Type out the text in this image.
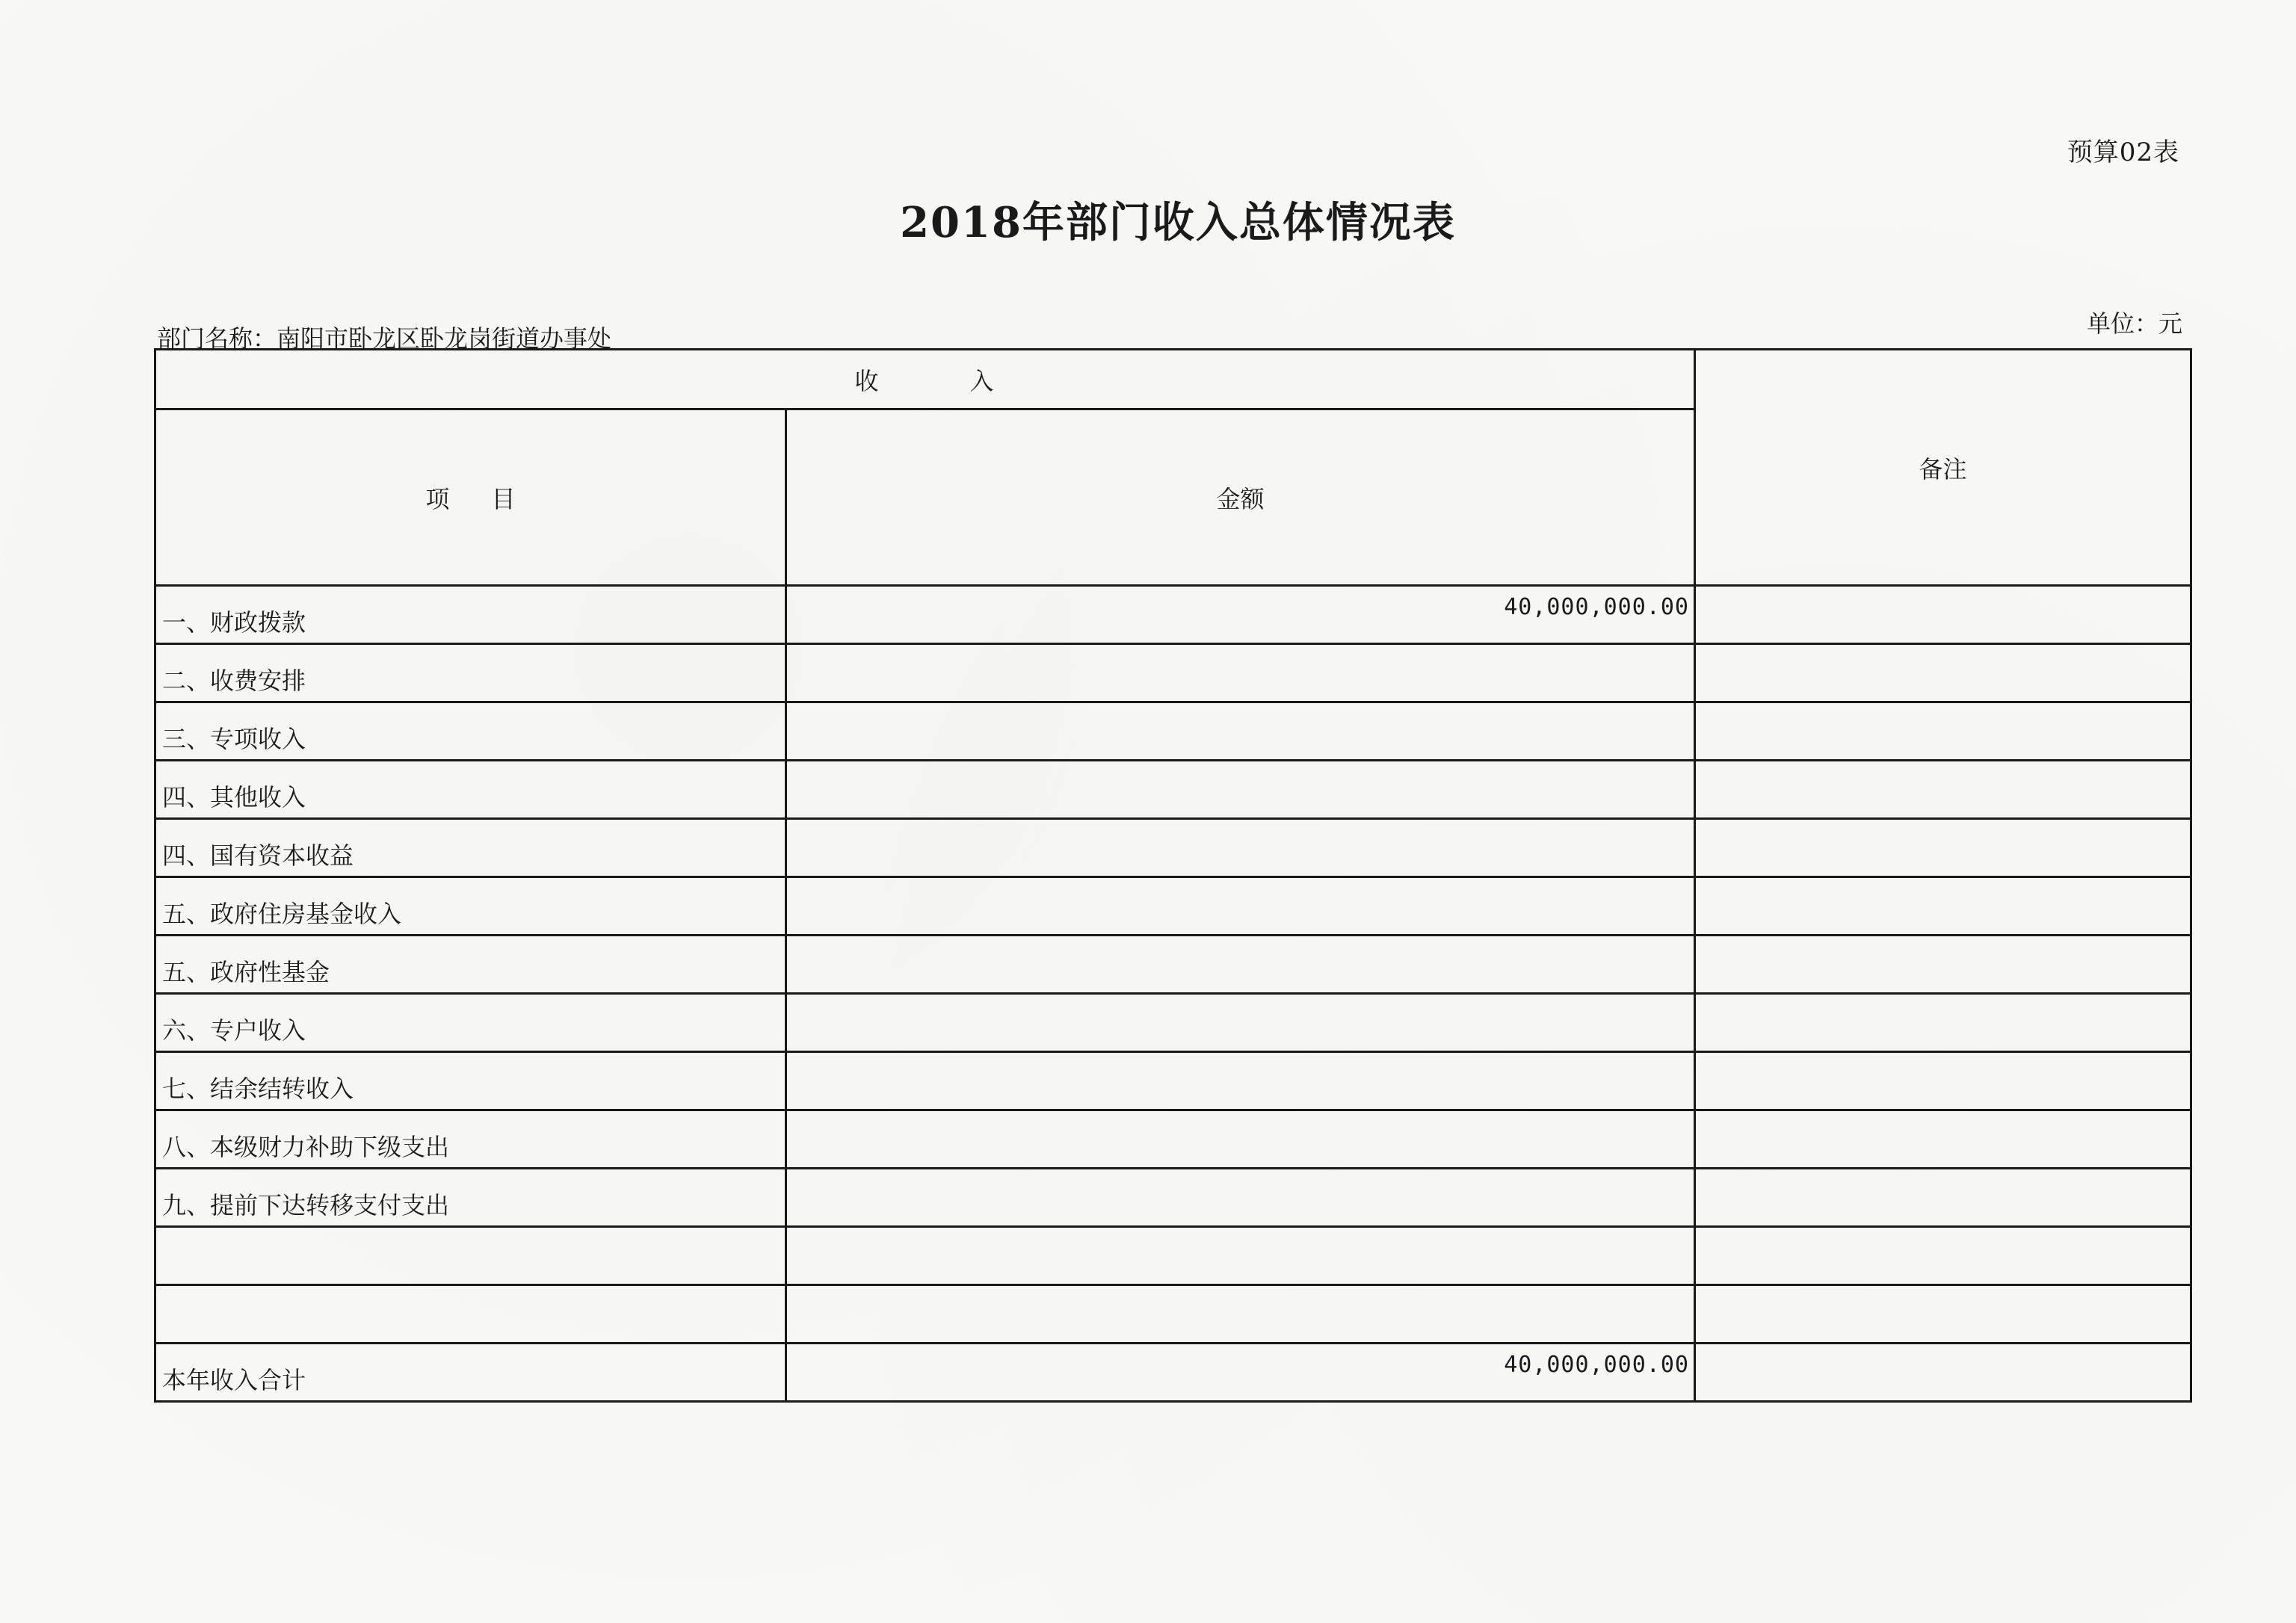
预算02表
2018年部门收入总体情况表
部门名称：南阳市卧龙区卧龙岗街道办事处
单位：元
收 入		备注
项 目	金额	
一、财政拨款	40,000,000.00	
二、收费安排		
三、专项收入		
四、其他收入		
四、国有资本收益		
五、政府住房基金收入		
五、政府性基金		
六、专户收入		
七、结余结转收入		
八、本级财力补助下级支出		
九、提前下达转移支付支出		

本年收入合计	40,000,000.00	
